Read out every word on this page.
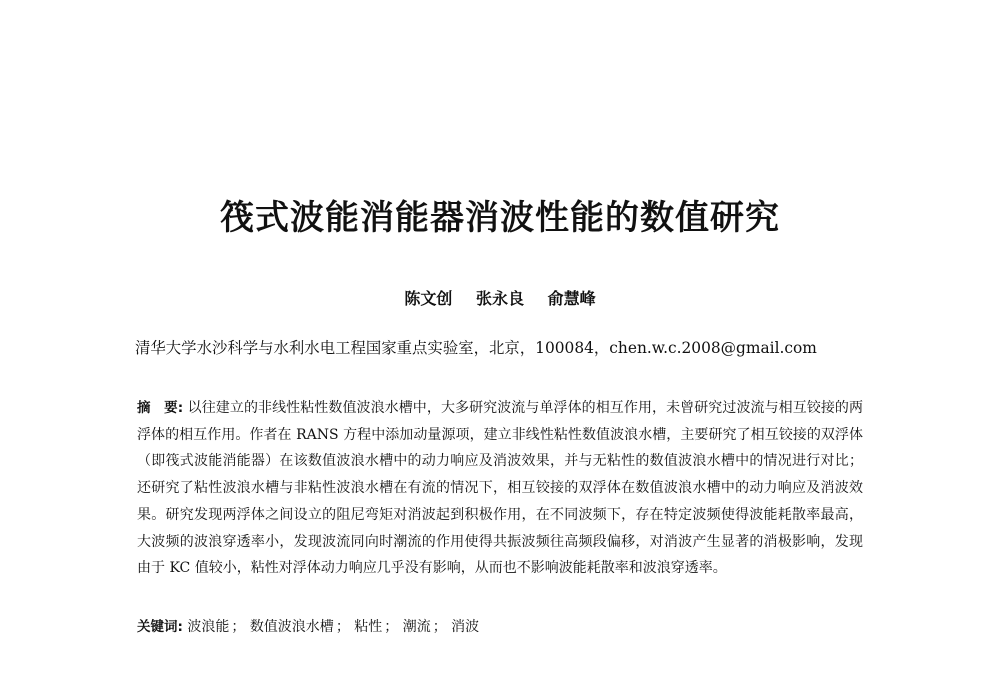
筏式波能消能器消波性能的数值研究
陈文创 张永良 俞慧峰
清华大学水沙科学与水利水电工程国家重点实验室，北京，100084，chen.w.c.2008@gmail.com
摘　要: 以往建立的非线性粘性数值波浪水槽中，大多研究波流与单浮体的相互作用，未曾研究过波流与相互铰接的两浮体的相互作用。作者在 RANS 方程中添加动量源项，建立非线性粘性数值波浪水槽，主要研究了相互铰接的双浮体（即筏式波能消能器）在该数值波浪水槽中的动力响应及消波效果，并与无粘性的数值波浪水槽中的情况进行对比；还研究了粘性波浪水槽与非粘性波浪水槽在有流的情况下，相互铰接的双浮体在数值波浪水槽中的动力响应及消波效果。研究发现两浮体之间设立的阻尼弯矩对消波起到积极作用，在不同波频下，存在特定波频使得波能耗散率最高，大波频的波浪穿透率小，发现波流同向时潮流的作用使得共振波频往高频段偏移，对消波产生显著的消极影响，发现由于 KC 值较小，粘性对浮体动力响应几乎没有影响，从而也不影响波能耗散率和波浪穿透率。
关键词: 波浪能 ； 数值波浪水槽 ； 粘性 ； 潮流 ； 消波
